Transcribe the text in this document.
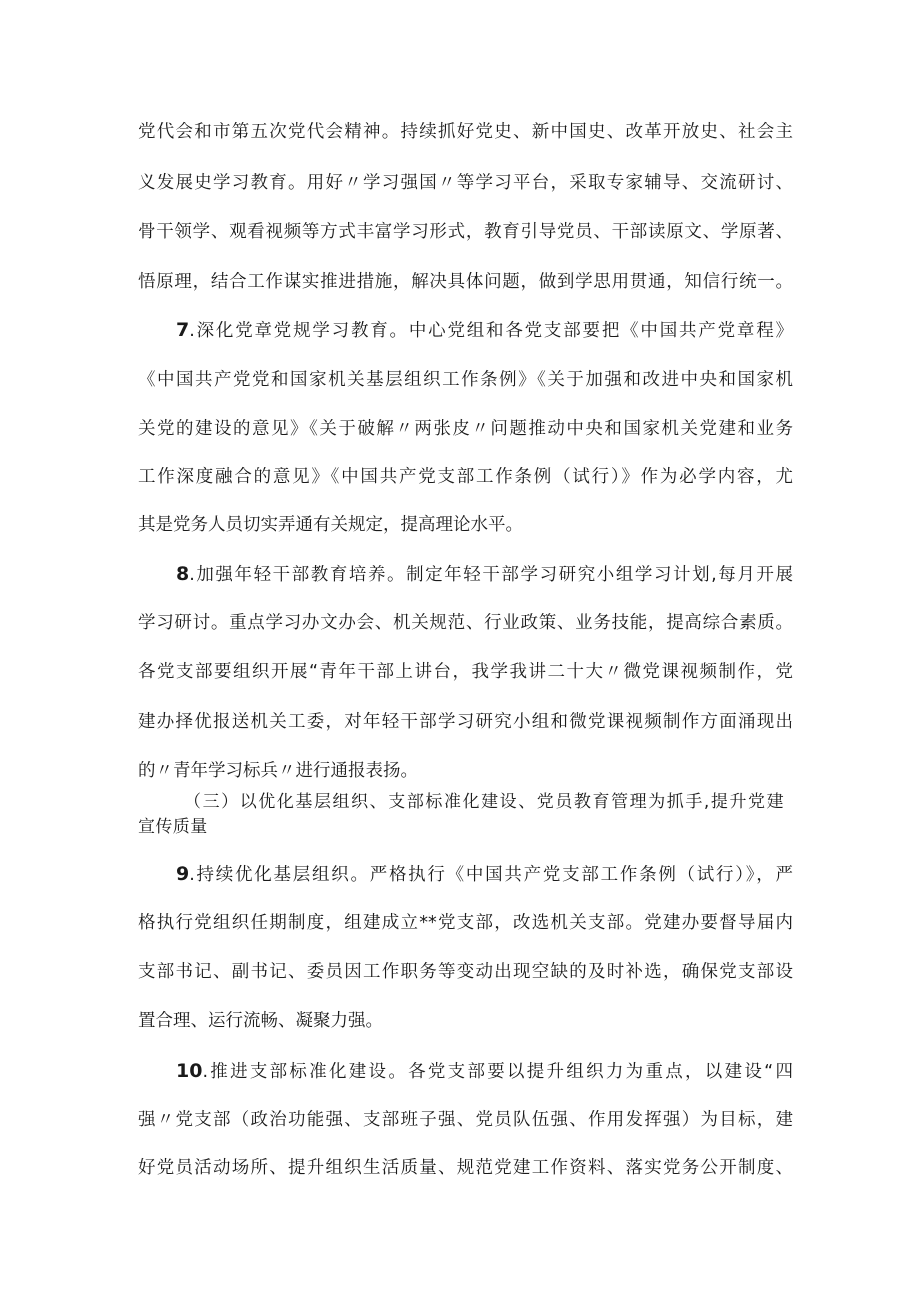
党代会和市第五次党代会精神。持续抓好党史、新中国史、改革开放史、社会主
义发展史学习教育。用好〃学习强国〃等学习平台，采取专家辅导、交流研讨、
骨干领学、观看视频等方式丰富学习形式，教育引导党员、干部读原文、学原著、
悟原理，结合工作谋实推进措施，解决具体问题，做到学思用贯通，知信行统一。
7.深化党章党规学习教育。中心党组和各党支部要把《中国共产党章程》
《中国共产党党和国家机关基层组织工作条例》《关于加强和改进中央和国家机
关党的建设的意见》《关于破解〃两张皮〃问题推动中央和国家机关党建和业务
工作深度融合的意见》《中国共产党支部工作条例（试行）》作为必学内容，尤
其是党务人员切实弄通有关规定，提高理论水平。
8.加强年轻干部教育培养。制定年轻干部学习研究小组学习计划,每月开展
学习研讨。重点学习办文办会、机关规范、行业政策、业务技能，提高综合素质。
各党支部要组织开展“青年干部上讲台，我学我讲二十大〃微党课视频制作，党
建办择优报送机关工委，对年轻干部学习研究小组和微党课视频制作方面涌现出
的〃青年学习标兵〃进行通报表扬。
（三）以优化基层组织、支部标准化建设、党员教育管理为抓手,提升党建
宣传质量
9.持续优化基层组织。严格执行《中国共产党支部工作条例（试行）》，严
格执行党组织任期制度，组建成立**党支部，改选机关支部。党建办要督导届内
支部书记、副书记、委员因工作职务等变动出现空缺的及时补选，确保党支部设
置合理、运行流畅、凝聚力强。
10.推进支部标准化建设。各党支部要以提升组织力为重点，以建设“四
强〃党支部（政治功能强、支部班子强、党员队伍强、作用发挥强）为目标，建
好党员活动场所、提升组织生活质量、规范党建工作资料、落实党务公开制度、
